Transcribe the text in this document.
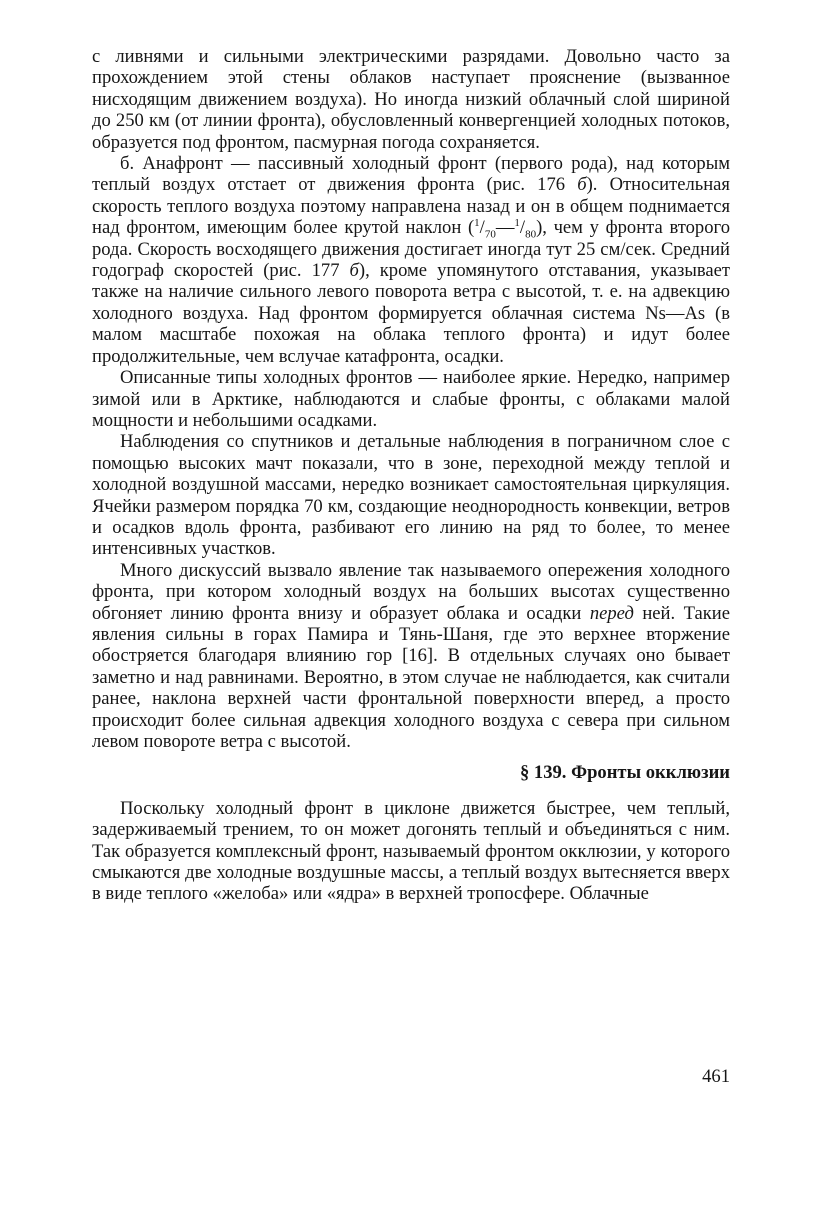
с ливнями и сильными электрическими разрядами. Довольно часто за прохождением этой стены облаков наступает прояснение (вызванное нисходящим движением воздуха). Но иногда низкий облачный слой шириной до 250 км (от линии фронта), обусловленный конвергенцией холодных потоков, образуется под фронтом, пасмурная погода сохраняется.

б. Анафронт — пассивный холодный фронт (первого рода), над которым теплый воздух отстает от движения фронта (рис. 176 б). Относительная скорость теплого воздуха поэтому направлена назад и он в общем поднимается над фронтом, имеющим более крутой наклон $(^1/_{70}—^1/_{80})$, чем у фронта второго рода. Скорость восходящего движения достигает иногда тут 25 см/сек. Средний годограф скоростей (рис. 177 б), кроме упомянутого отставания, указывает также на наличие сильного левого поворота ветра с высотой, т. е. на адвекцию холодного воздуха. Над фронтом формируется облачная система Ns—As (в малом масштабе похожая на облака теплого фронта) и идут более продолжительные, чем вслучае катафронта, осадки.

Описанные типы холодных фронтов — наиболее яркие. Нередко, например зимой или в Арктике, наблюдаются и слабые фронты, с облаками малой мощности и небольшими осадками.

Наблюдения со спутников и детальные наблюдения в пограничном слое с помощью высоких мачт показали, что в зоне, переходной между теплой и холодной воздушной массами, нередко возникает самостоятельная циркуляция. Ячейки размером порядка 70 км, создающие неоднородность конвекции, ветров и осадков вдоль фронта, разбивают его линию на ряд то более, то менее интенсивных участков.

Много дискуссий вызвало явление так называемого опережения холодного фронта, при котором холодный воздух на больших высотах существенно обгоняет линию фронта внизу и образует облака и осадки перед ней. Такие явления сильны в горах Памира и Тянь-Шаня, где это верхнее вторжение обостряется благодаря влиянию гор [16]. В отдельных случаях оно бывает заметно и над равнинами. Вероятно, в этом случае не наблюдается, как считали ранее, наклона верхней части фронтальной поверхности вперед, а просто происходит более сильная адвекция холодного воздуха с севера при сильном левом повороте ветра с высотой.

§ 139. Фронты окклюзии

Поскольку холодный фронт в циклоне движется быстрее, чем теплый, задерживаемый трением, то он может догонять теплый и объединяться с ним. Так образуется комплексный фронт, называемый фронтом окклюзии, у которого смыкаются две холодные воздушные массы, а теплый воздух вытесняется вверх в виде теплого «желоба» или «ядра» в верхней тропосфере. Облачные

461
